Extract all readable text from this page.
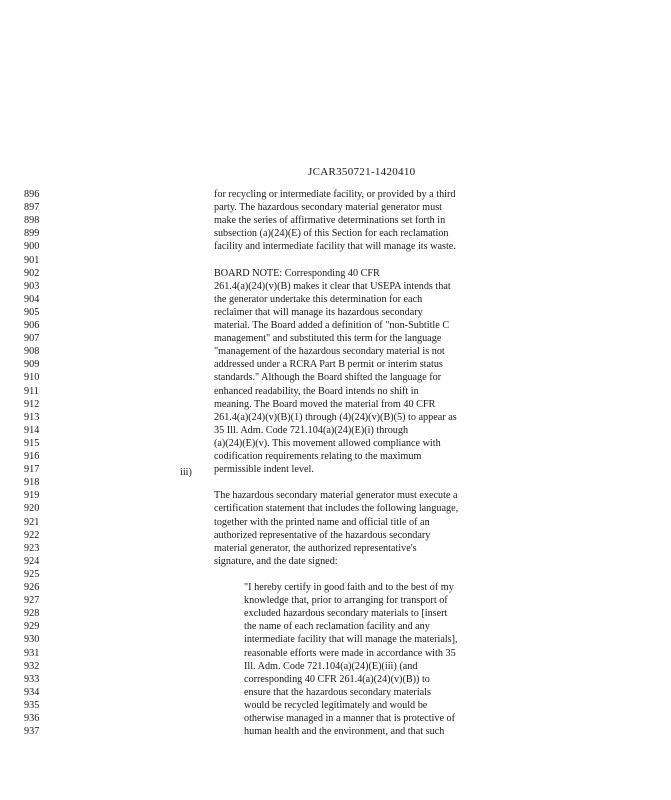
JCAR350721-1420410
iii)
896	for recycling or intermediate facility, or provided by a third
897	party. The hazardous secondary material generator must
898	make the series of affirmative determinations set forth in
899	subsection (a)(24)(E) of this Section for each reclamation
900	facility and intermediate facility that will manage its waste.
901
902	BOARD NOTE: Corresponding 40 CFR
903	261.4(a)(24)(v)(B) makes it clear that USEPA intends that
904	the generator undertake this determination for each
905	reclaimer that will manage its hazardous secondary
906	material. The Board added a definition of "non-Subtitle C
907	management" and substituted this term for the language
908	"management of the hazardous secondary material is not
909	addressed under a RCRA Part B permit or interim status
910	standards." Although the Board shifted the language for
911	enhanced readability, the Board intends no shift in
912	meaning. The Board moved the material from 40 CFR
913	261.4(a)(24)(v)(B)(1) through (4)(24)(v)(B)(5) to appear as
914	35 Ill. Adm. Code 721.104(a)(24)(E)(i) through
915	(a)(24)(E)(v). This movement allowed compliance with
916	codification requirements relating to the maximum
917	permissible indent level.
918
919	The hazardous secondary material generator must execute a
920	certification statement that includes the following language,
921	together with the printed name and official title of an
922	authorized representative of the hazardous secondary
923	material generator, the authorized representative's
924	signature, and the date signed:
925
926	"I hereby certify in good faith and to the best of my
927	knowledge that, prior to arranging for transport of
928	excluded hazardous secondary materials to [insert
929	the name of each reclamation facility and any
930	intermediate facility that will manage the materials],
931	reasonable efforts were made in accordance with 35
932	Ill. Adm. Code 721.104(a)(24)(E)(iii) (and
933	corresponding 40 CFR 261.4(a)(24)(v)(B)) to
934	ensure that the hazardous secondary materials
935	would be recycled legitimately and would be
936	otherwise managed in a manner that is protective of
937	human health and the environment, and that such
